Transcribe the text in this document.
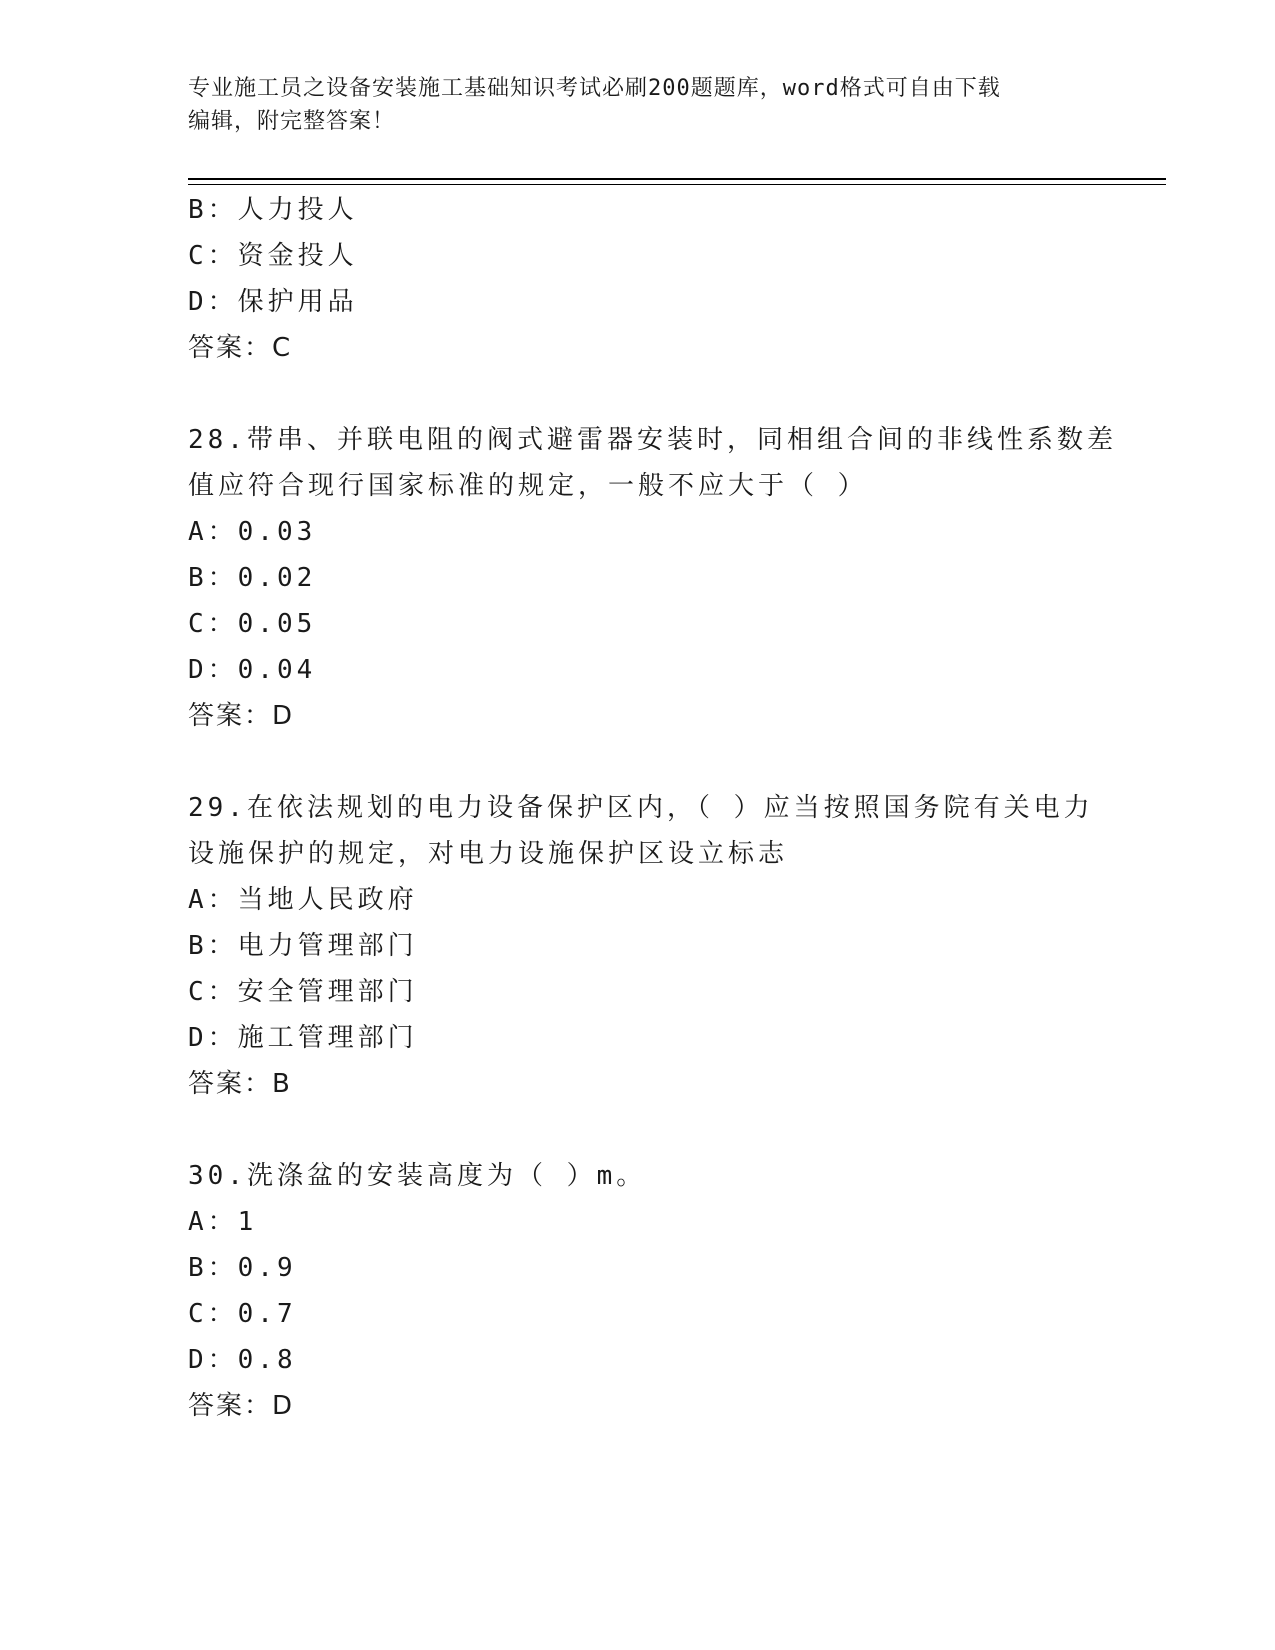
专业施工员之设备安装施工基础知识考试必刷200题题库，word格式可自由下载
编辑，附完整答案！
B：人力投人
C：资金投人
D：保护用品
答案：C
28.带串、并联电阻的阀式避雷器安装时，同相组合间的非线性系数差
值应符合现行国家标准的规定，一般不应大于（ ）
A：0.03
B：0.02
C：0.05
D：0.04
答案：D
29.在依法规划的电力设备保护区内，（ ）应当按照国务院有关电力
设施保护的规定，对电力设施保护区设立标志
A：当地人民政府
B：电力管理部门
C：安全管理部门
D：施工管理部门
答案：B
30.洗涤盆的安装高度为（ ）m。
A：1
B：0.9
C：0.7
D：0.8
答案：D
